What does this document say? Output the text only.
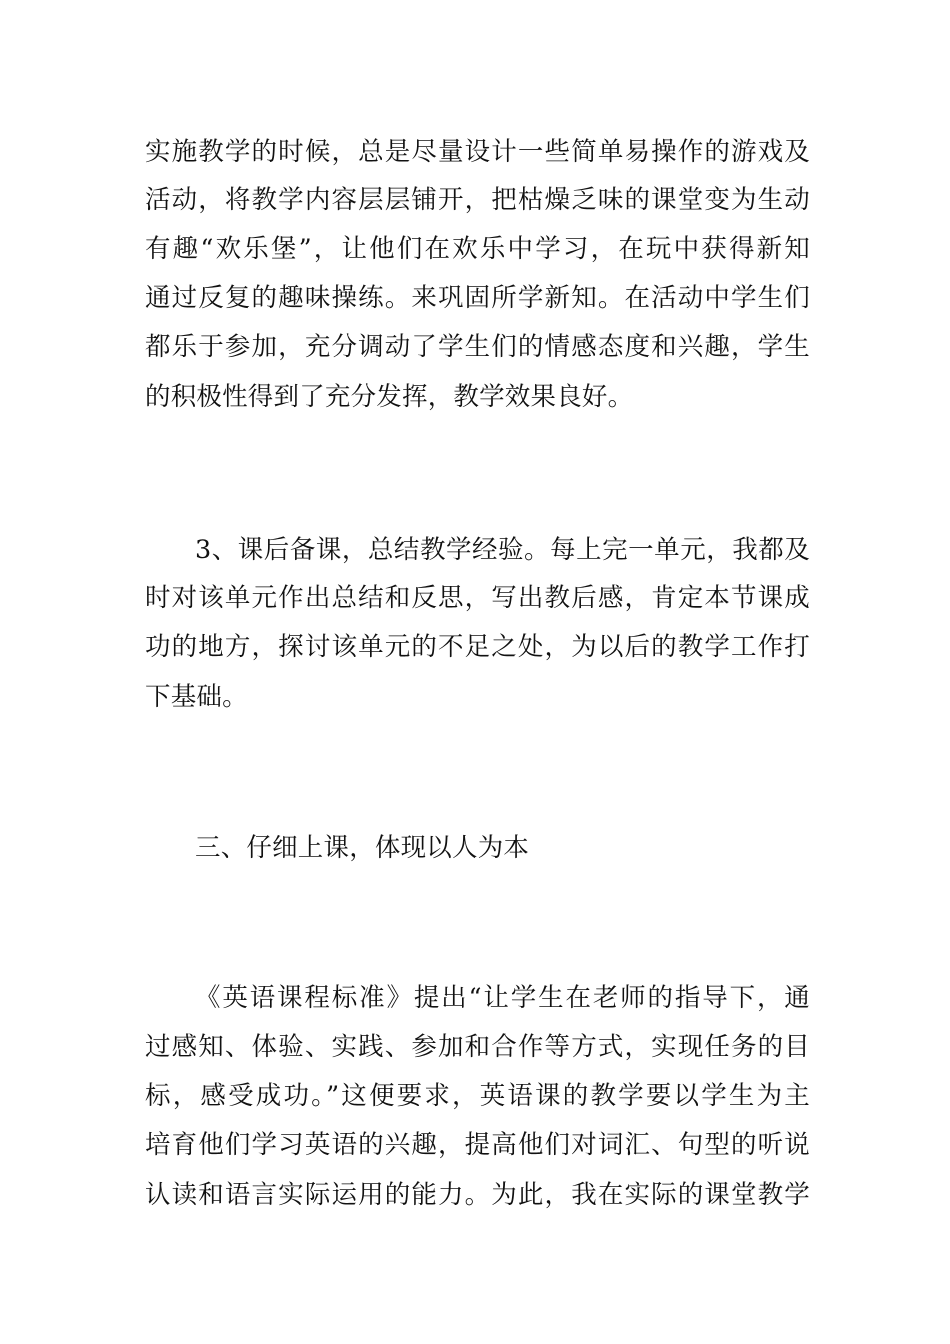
实施教学的时候，总是尽量设计一些简单易操作的游戏及
活动，将教学内容层层铺开，把枯燥乏味的课堂变为生动
有趣“欢乐堡”，让他们在欢乐中学习，在玩中获得新知
通过反复的趣味操练。来巩固所学新知。在活动中学生们
都乐于参加，充分调动了学生们的情感态度和兴趣，学生
的积极性得到了充分发挥，教学效果良好。
3、课后备课，总结教学经验。每上完一单元，我都及
时对该单元作出总结和反思，写出教后感，肯定本节课成
功的地方，探讨该单元的不足之处，为以后的教学工作打
下基础。
三、仔细上课，体现以人为本
《英语课程标准》提出“让学生在老师的指导下，通
过感知、体验、实践、参加和合作等方式，实现任务的目
标，感受成功。”这便要求，英语课的教学要以学生为主
培育他们学习英语的兴趣，提高他们对词汇、句型的听说
认读和语言实际运用的能力。为此，我在实际的课堂教学
